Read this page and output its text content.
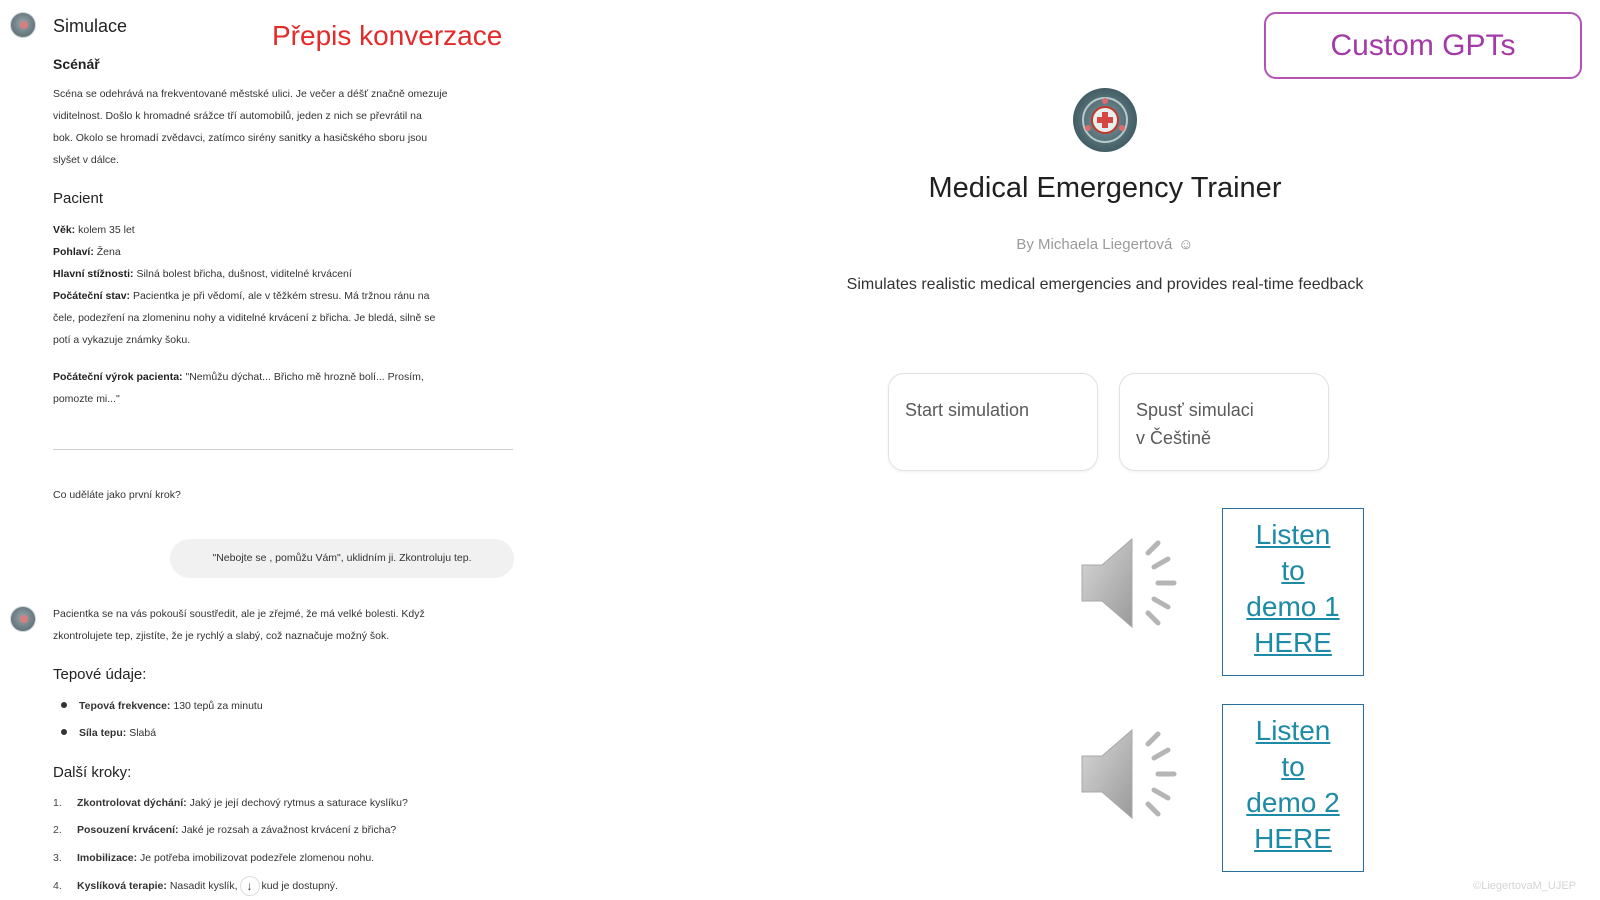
Simulace	Přepis konverzace
Scénář
Scéna se odehrává na frekventované městské ulici. Je večer a déšť značně omezuje
viditelnost. Došlo k hromadné srážce tří automobilů, jeden z nich se převrátil na
bok. Okolo se hromadí zvědavci, zatímco sirény sanitky a hasičského sboru jsou
slyšet v dálce.
Pacient
Věk: kolem 35 let
Pohlaví: Žena
Hlavní stížnosti: Silná bolest břicha, dušnost, viditelné krvácení
Počáteční stav: Pacientka je při vědomí, ale v těžkém stresu. Má tržnou ránu na
čele, podezření na zlomeninu nohy a viditelné krvácení z břicha. Je bledá, silně se
potí a vykazuje známky šoku.
Počáteční výrok pacienta: "Nemůžu dýchat... Břicho mě hrozně bolí... Prosím,
pomozte mi..."
Co uděláte jako první krok?
"Nebojte se , pomůžu Vám", uklidním ji. Zkontroluju tep.
Pacientka se na vás pokouší soustředit, ale je zřejmé, že má velké bolesti. Když
zkontrolujete tep, zjistíte, že je rychlý a slabý, což naznačuje možný šok.
Tepové údaje:
Tepová frekvence: 130 tepů za minutu
Síla tepu: Slabá
Další kroky:
1. Zkontrolovat dýchání: Jaký je její dechový rytmus a saturace kyslíku?
2. Posouzení krvácení: Jaké je rozsah a závažnost krvácení z břicha?
3. Imobilizace: Je potřeba imobilizovat podezřele zlomenou nohu.
4. Kyslíková terapie: Nasadit kyslík, ↓ kud je dostupný.
Custom GPTs
Medical Emergency Trainer
By Michaela Liegertová ☺
Simulates realistic medical emergencies and provides real-time feedback
Start simulation	Spusť simulaci
v Češtině
Listen
to
demo 1
HERE
Listen
to
demo 2
HERE
©LiegertovaM_UJEP
